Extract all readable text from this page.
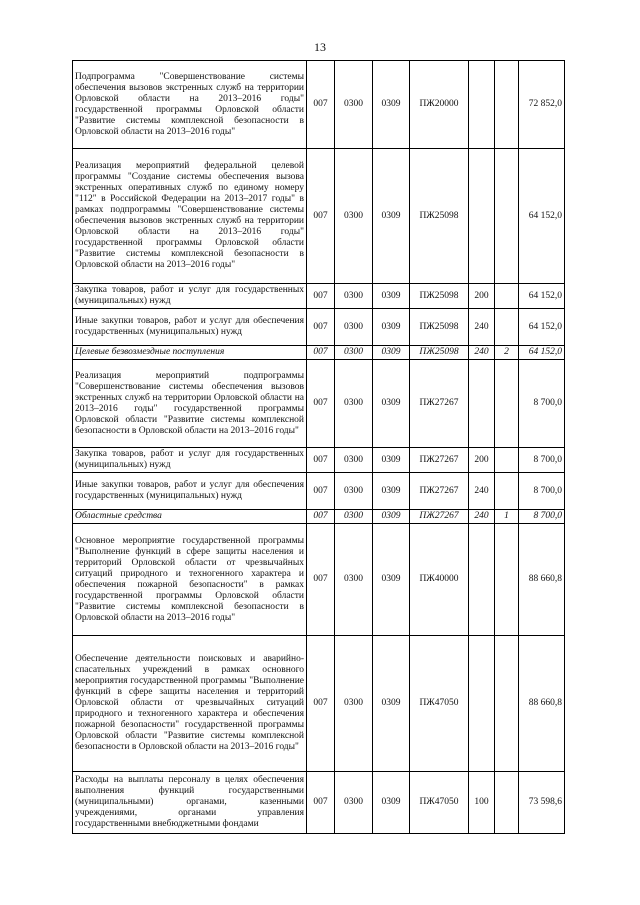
13
Подпрограмма "Совершенствование системы обеспечения вызовов экстренных служб на территории Орловской области на 2013–2016 годы" государственной программы Орловской области "Развитие системы комплексной безопасности в Орловской области на 2013–2016 годы"	007	0300	0309	ПЖ20000			72 852,0
Реализация мероприятий федеральной целевой программы "Создание системы обеспечения вызова экстренных оперативных служб по единому номеру "112" в Российской Федерации на 2013–2017 годы" в рамках подпрограммы "Совершенствование системы обеспечения вызовов экстренных служб на территории Орловской области на 2013–2016 годы" государственной программы Орловской области "Развитие системы комплексной безопасности в Орловской области на 2013–2016 годы"	007	0300	0309	ПЖ25098			64 152,0
Закупка товаров, работ и услуг для государственных (муниципальных) нужд	007	0300	0309	ПЖ25098	200		64 152,0
Иные закупки товаров, работ и услуг для обеспечения государственных (муниципальных) нужд	007	0300	0309	ПЖ25098	240		64 152,0
Целевые безвозмездные поступления	007	0300	0309	ПЖ25098	240	2	64 152,0
Реализация мероприятий подпрограммы "Совершенствование системы обеспечения вызовов экстренных служб на территории Орловской области на 2013–2016 годы" государственной программы Орловской области "Развитие системы комплексной безопасности в Орловской области на 2013–2016 годы"	007	0300	0309	ПЖ27267			8 700,0
Закупка товаров, работ и услуг для государственных (муниципальных) нужд	007	0300	0309	ПЖ27267	200		8 700,0
Иные закупки товаров, работ и услуг для обеспечения государственных (муниципальных) нужд	007	0300	0309	ПЖ27267	240		8 700,0
Областные средства	007	0300	0309	ПЖ27267	240	1	8 700,0
Основное мероприятие государственной программы "Выполнение функций в сфере защиты населения и территорий Орловской области от чрезвычайных ситуаций природного и техногенного характера и обеспечения пожарной безопасности" в рамках государственной программы Орловской области "Развитие системы комплексной безопасности в Орловской области на 2013–2016 годы"	007	0300	0309	ПЖ40000			88 660,8
Обеспечение деятельности поисковых и аварийно-спасательных учреждений в рамках основного мероприятия государственной программы "Выполнение функций в сфере защиты населения и территорий Орловской области от чрезвычайных ситуаций природного и техногенного характера и обеспечения пожарной безопасности" государственной программы Орловской области "Развитие системы комплексной безопасности в Орловской области на 2013–2016 годы"	007	0300	0309	ПЖ47050			88 660,8
Расходы на выплаты персоналу в целях обеспечения выполнения функций государственными (муниципальными) органами, казенными учреждениями, органами управления государственными внебюджетными фондами	007	0300	0309	ПЖ47050	100		73 598,6
